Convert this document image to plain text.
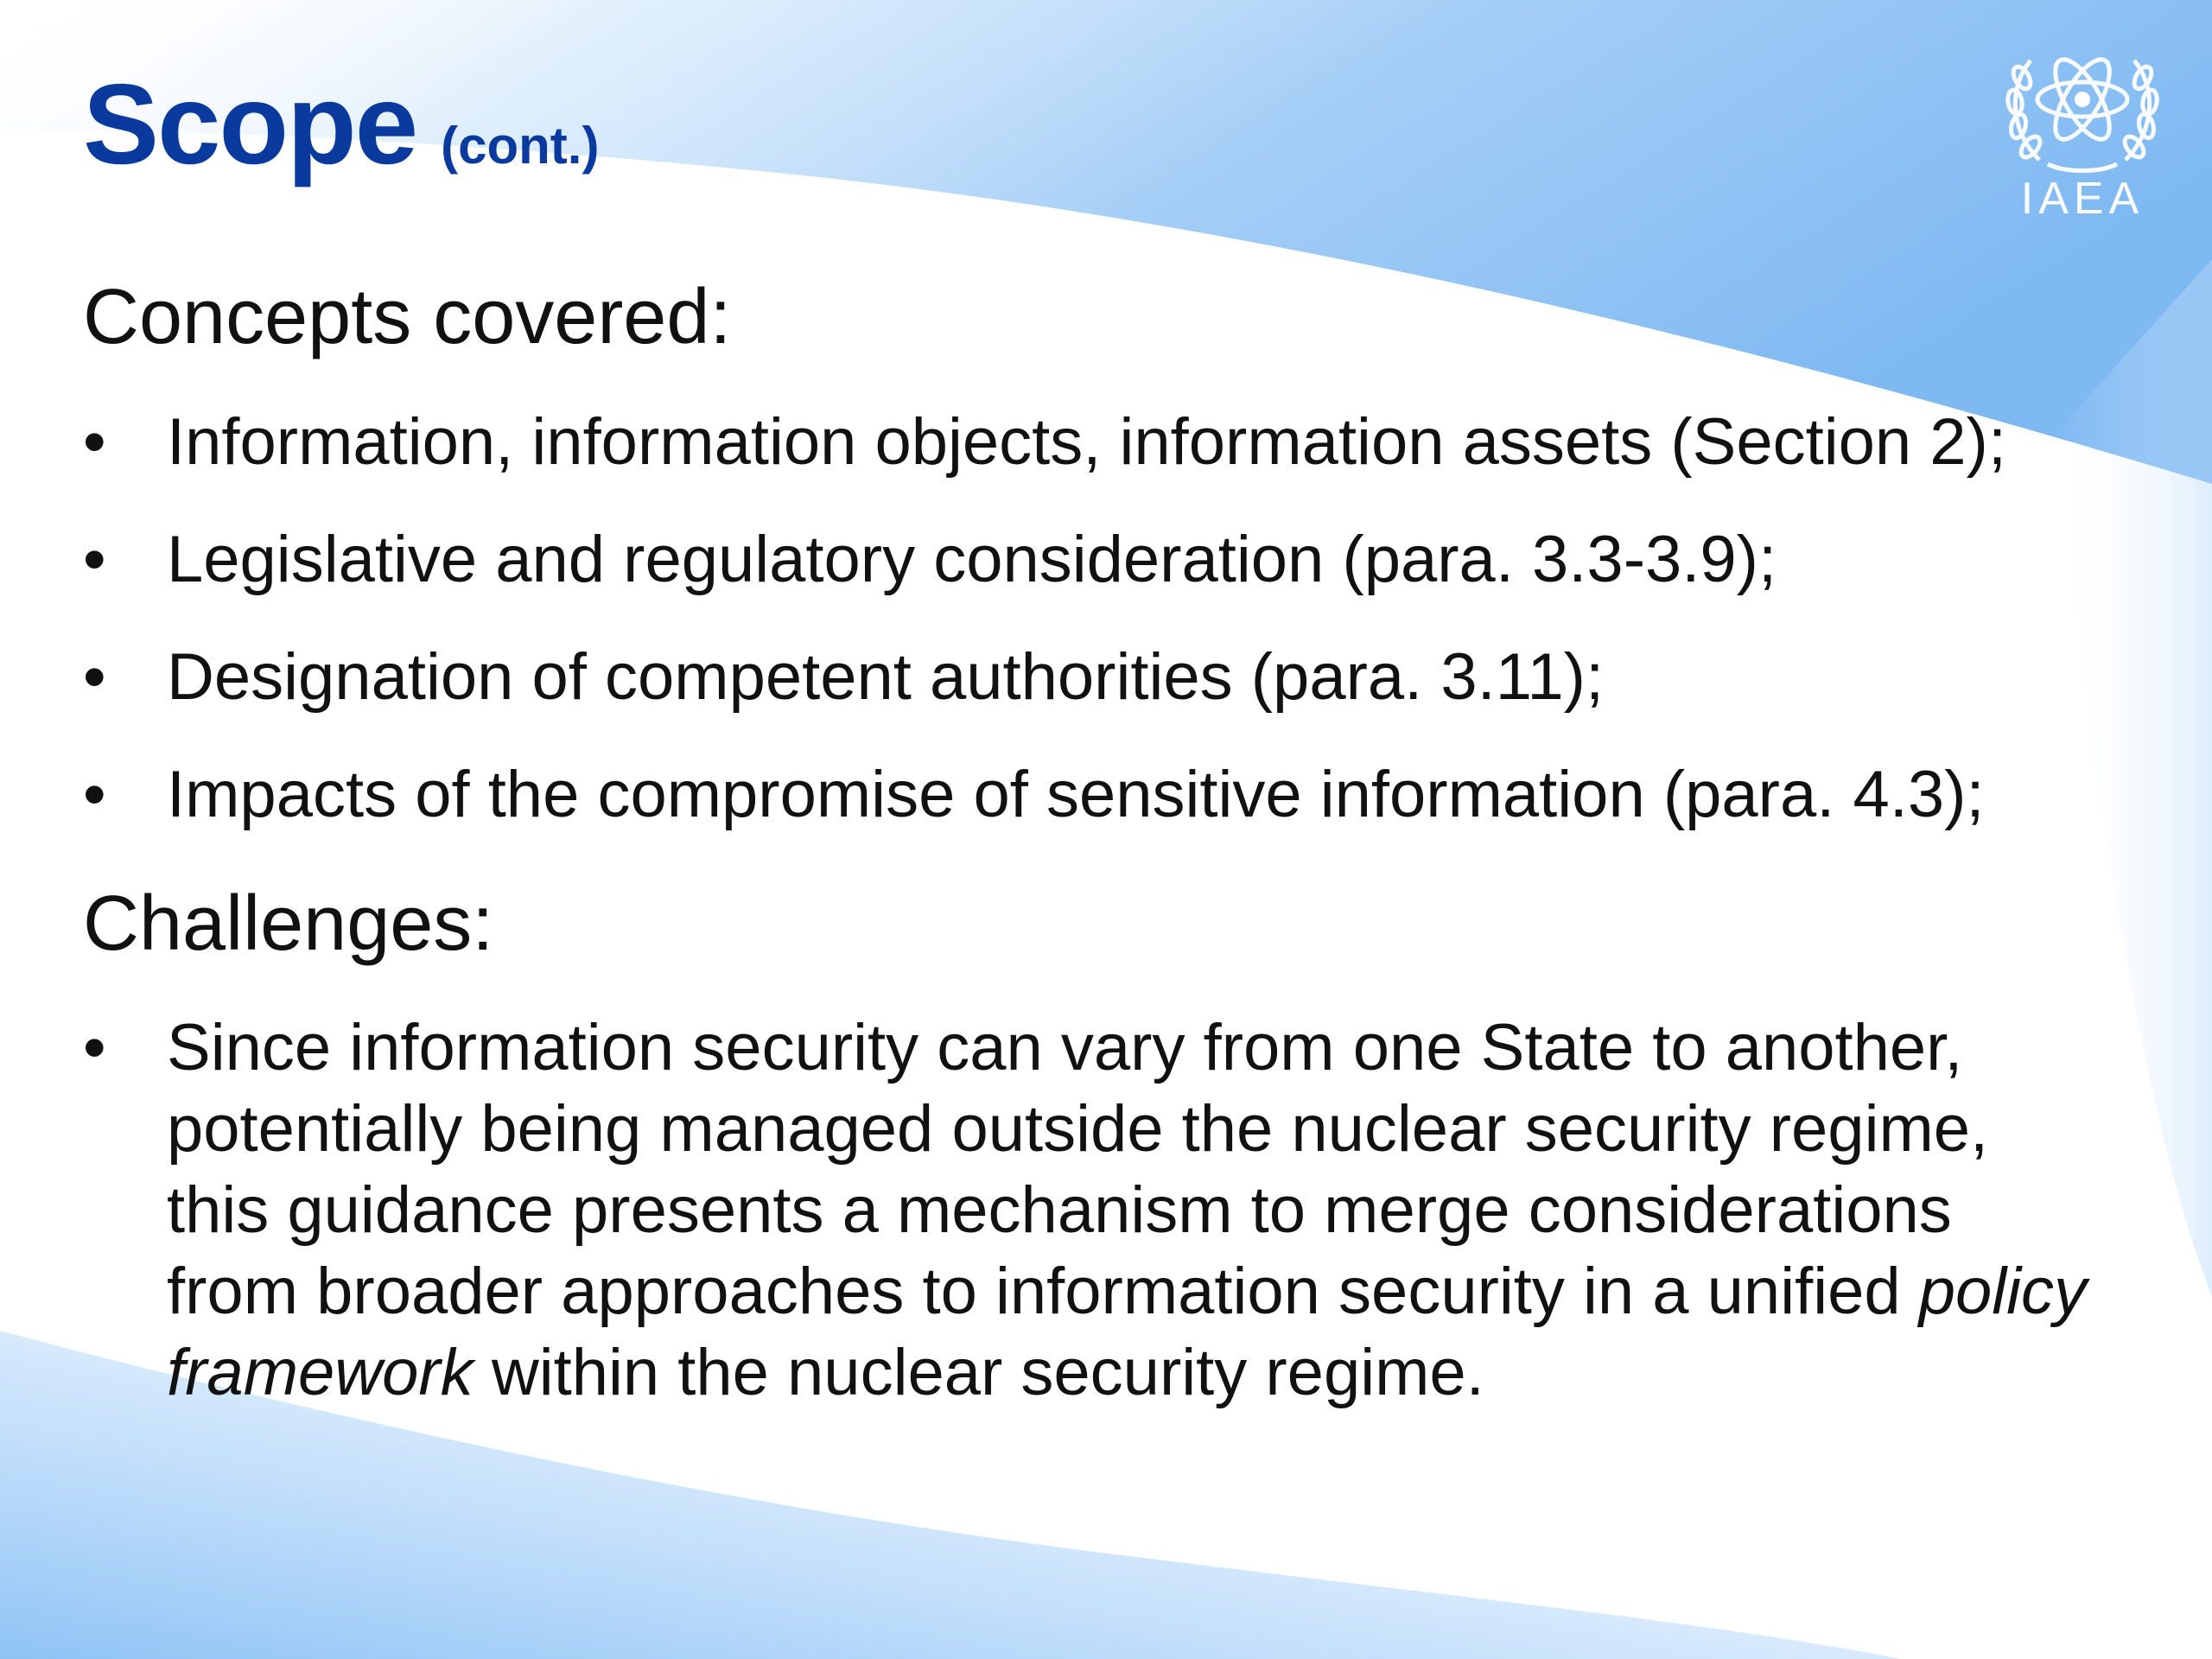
Scope (cont.)
IAEA
Concepts covered:
• Information, information objects, information assets (Section 2);
• Legislative and regulatory consideration (para. 3.3-3.9);
• Designation of competent authorities (para. 3.11);
• Impacts of the compromise of sensitive information (para. 4.3);
Challenges:
• Since information security can vary from one State to another,
potentially being managed outside the nuclear security regime,
this guidance presents a mechanism to merge considerations
from broader approaches to information security in a unified policy
framework within the nuclear security regime.
